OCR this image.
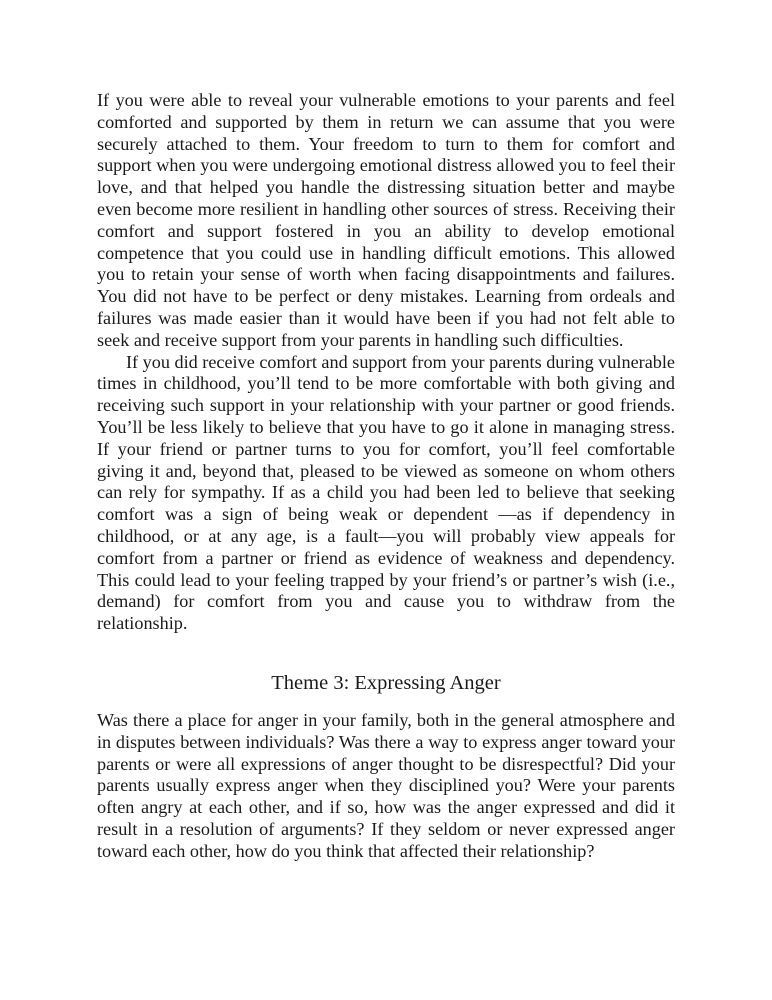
If you were able to reveal your vulnerable emotions to your parents and feel comforted and supported by them in return we can assume that you were securely attached to them. Your freedom to turn to them for comfort and support when you were undergoing emotional distress allowed you to feel their love, and that helped you handle the distressing situation better and maybe even become more resilient in handling other sources of stress. Receiving their comfort and support fostered in you an ability to develop emotional competence that you could use in handling difficult emotions. This allowed you to retain your sense of worth when facing disappointments and failures. You did not have to be perfect or deny mistakes. Learning from ordeals and failures was made easier than it would have been if you had not felt able to seek and receive support from your parents in handling such difficulties.

If you did receive comfort and support from your parents during vulnerable times in childhood, you’ll tend to be more comfortable with both giving and receiving such support in your relationship with your partner or good friends. You’ll be less likely to believe that you have to go it alone in managing stress. If your friend or partner turns to you for comfort, you’ll feel comfortable giving it and, beyond that, pleased to be viewed as someone on whom others can rely for sympathy. If as a child you had been led to believe that seeking comfort was a sign of being weak or dependent —as if dependency in childhood, or at any age, is a fault—you will probably view appeals for comfort from a partner or friend as evidence of weakness and dependency. This could lead to your feeling trapped by your friend’s or partner’s wish (i.e., demand) for comfort from you and cause you to withdraw from the relationship.

Theme 3: Expressing Anger

Was there a place for anger in your family, both in the general atmosphere and in disputes between individuals? Was there a way to express anger toward your parents or were all expressions of anger thought to be disrespectful? Did your parents usually express anger when they disciplined you? Were your parents often angry at each other, and if so, how was the anger expressed and did it result in a resolution of arguments? If they seldom or never expressed anger toward each other, how do you think that affected their relationship?
